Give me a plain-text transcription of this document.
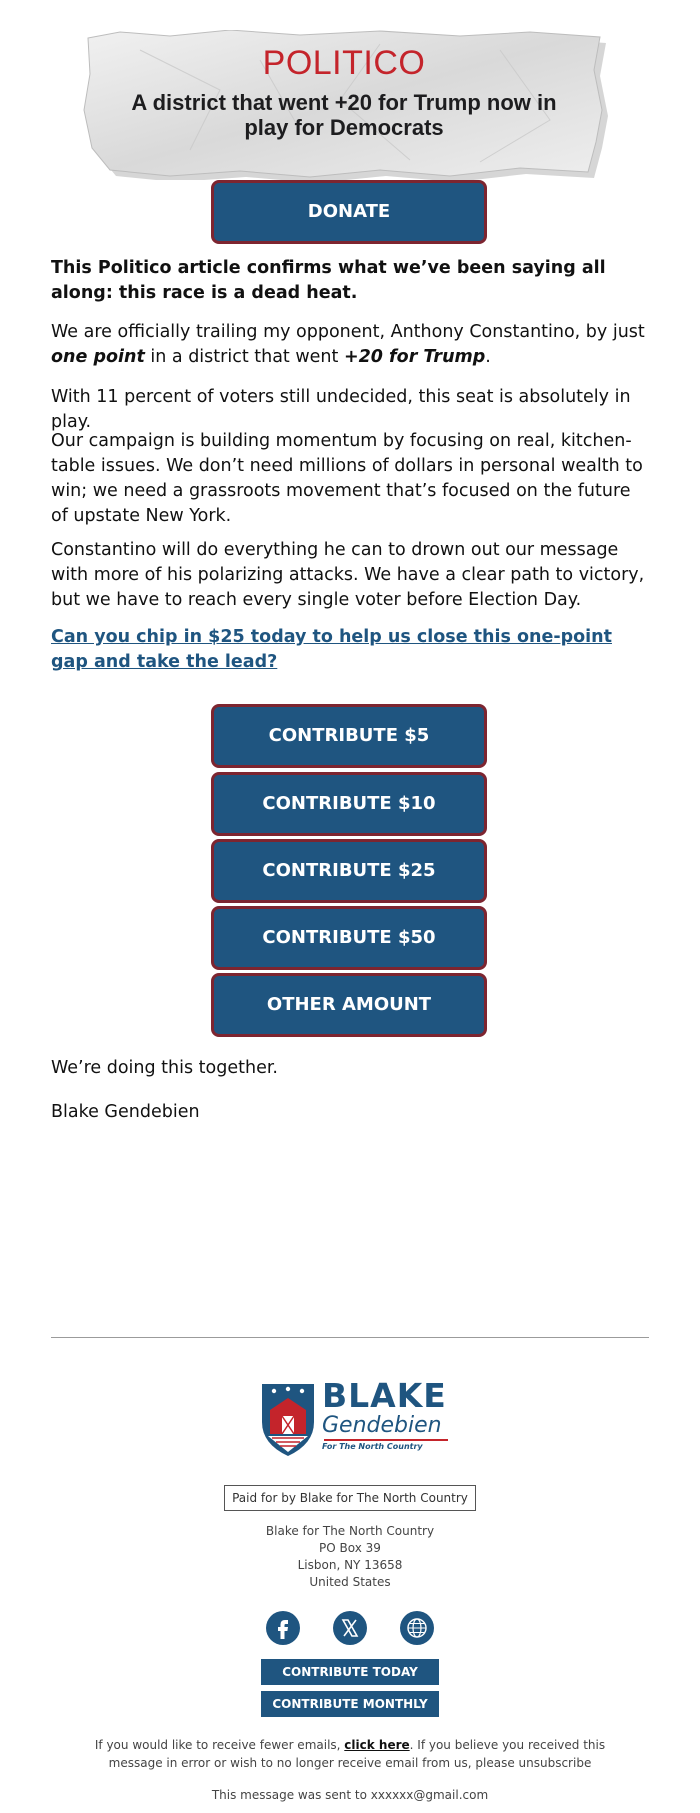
POLITICO
A district that went +20 for Trump now in play for Democrats
DONATE

This Politico article confirms what we’ve been saying all along: this race is a dead heat.

We are officially trailing my opponent, Anthony Constantino, by just one point in a district that went +20 for Trump.

With 11 percent of voters still undecided, this seat is absolutely in play.

Our campaign is building momentum by focusing on real, kitchen-table issues. We don’t need millions of dollars in personal wealth to win; we need a grassroots movement that’s focused on the future of upstate New York.

Constantino will do everything he can to drown out our message with more of his polarizing attacks. We have a clear path to victory, but we have to reach every single voter before Election Day.

Can you chip in $25 today to help us close this one-point gap and take the lead?

CONTRIBUTE $5
CONTRIBUTE $10
CONTRIBUTE $25
CONTRIBUTE $50
OTHER AMOUNT

We’re doing this together.

Blake Gendebien

BLAKE
Gendebien
For The North Country
Paid for by Blake for The North Country
Blake for The North Country
PO Box 39
Lisbon, NY 13658
United States
CONTRIBUTE TODAY
CONTRIBUTE MONTHLY
If you would like to receive fewer emails, click here. If you believe you received this message in error or wish to no longer receive email from us, please unsubscribe
This message was sent to xxxxxx@gmail.com
